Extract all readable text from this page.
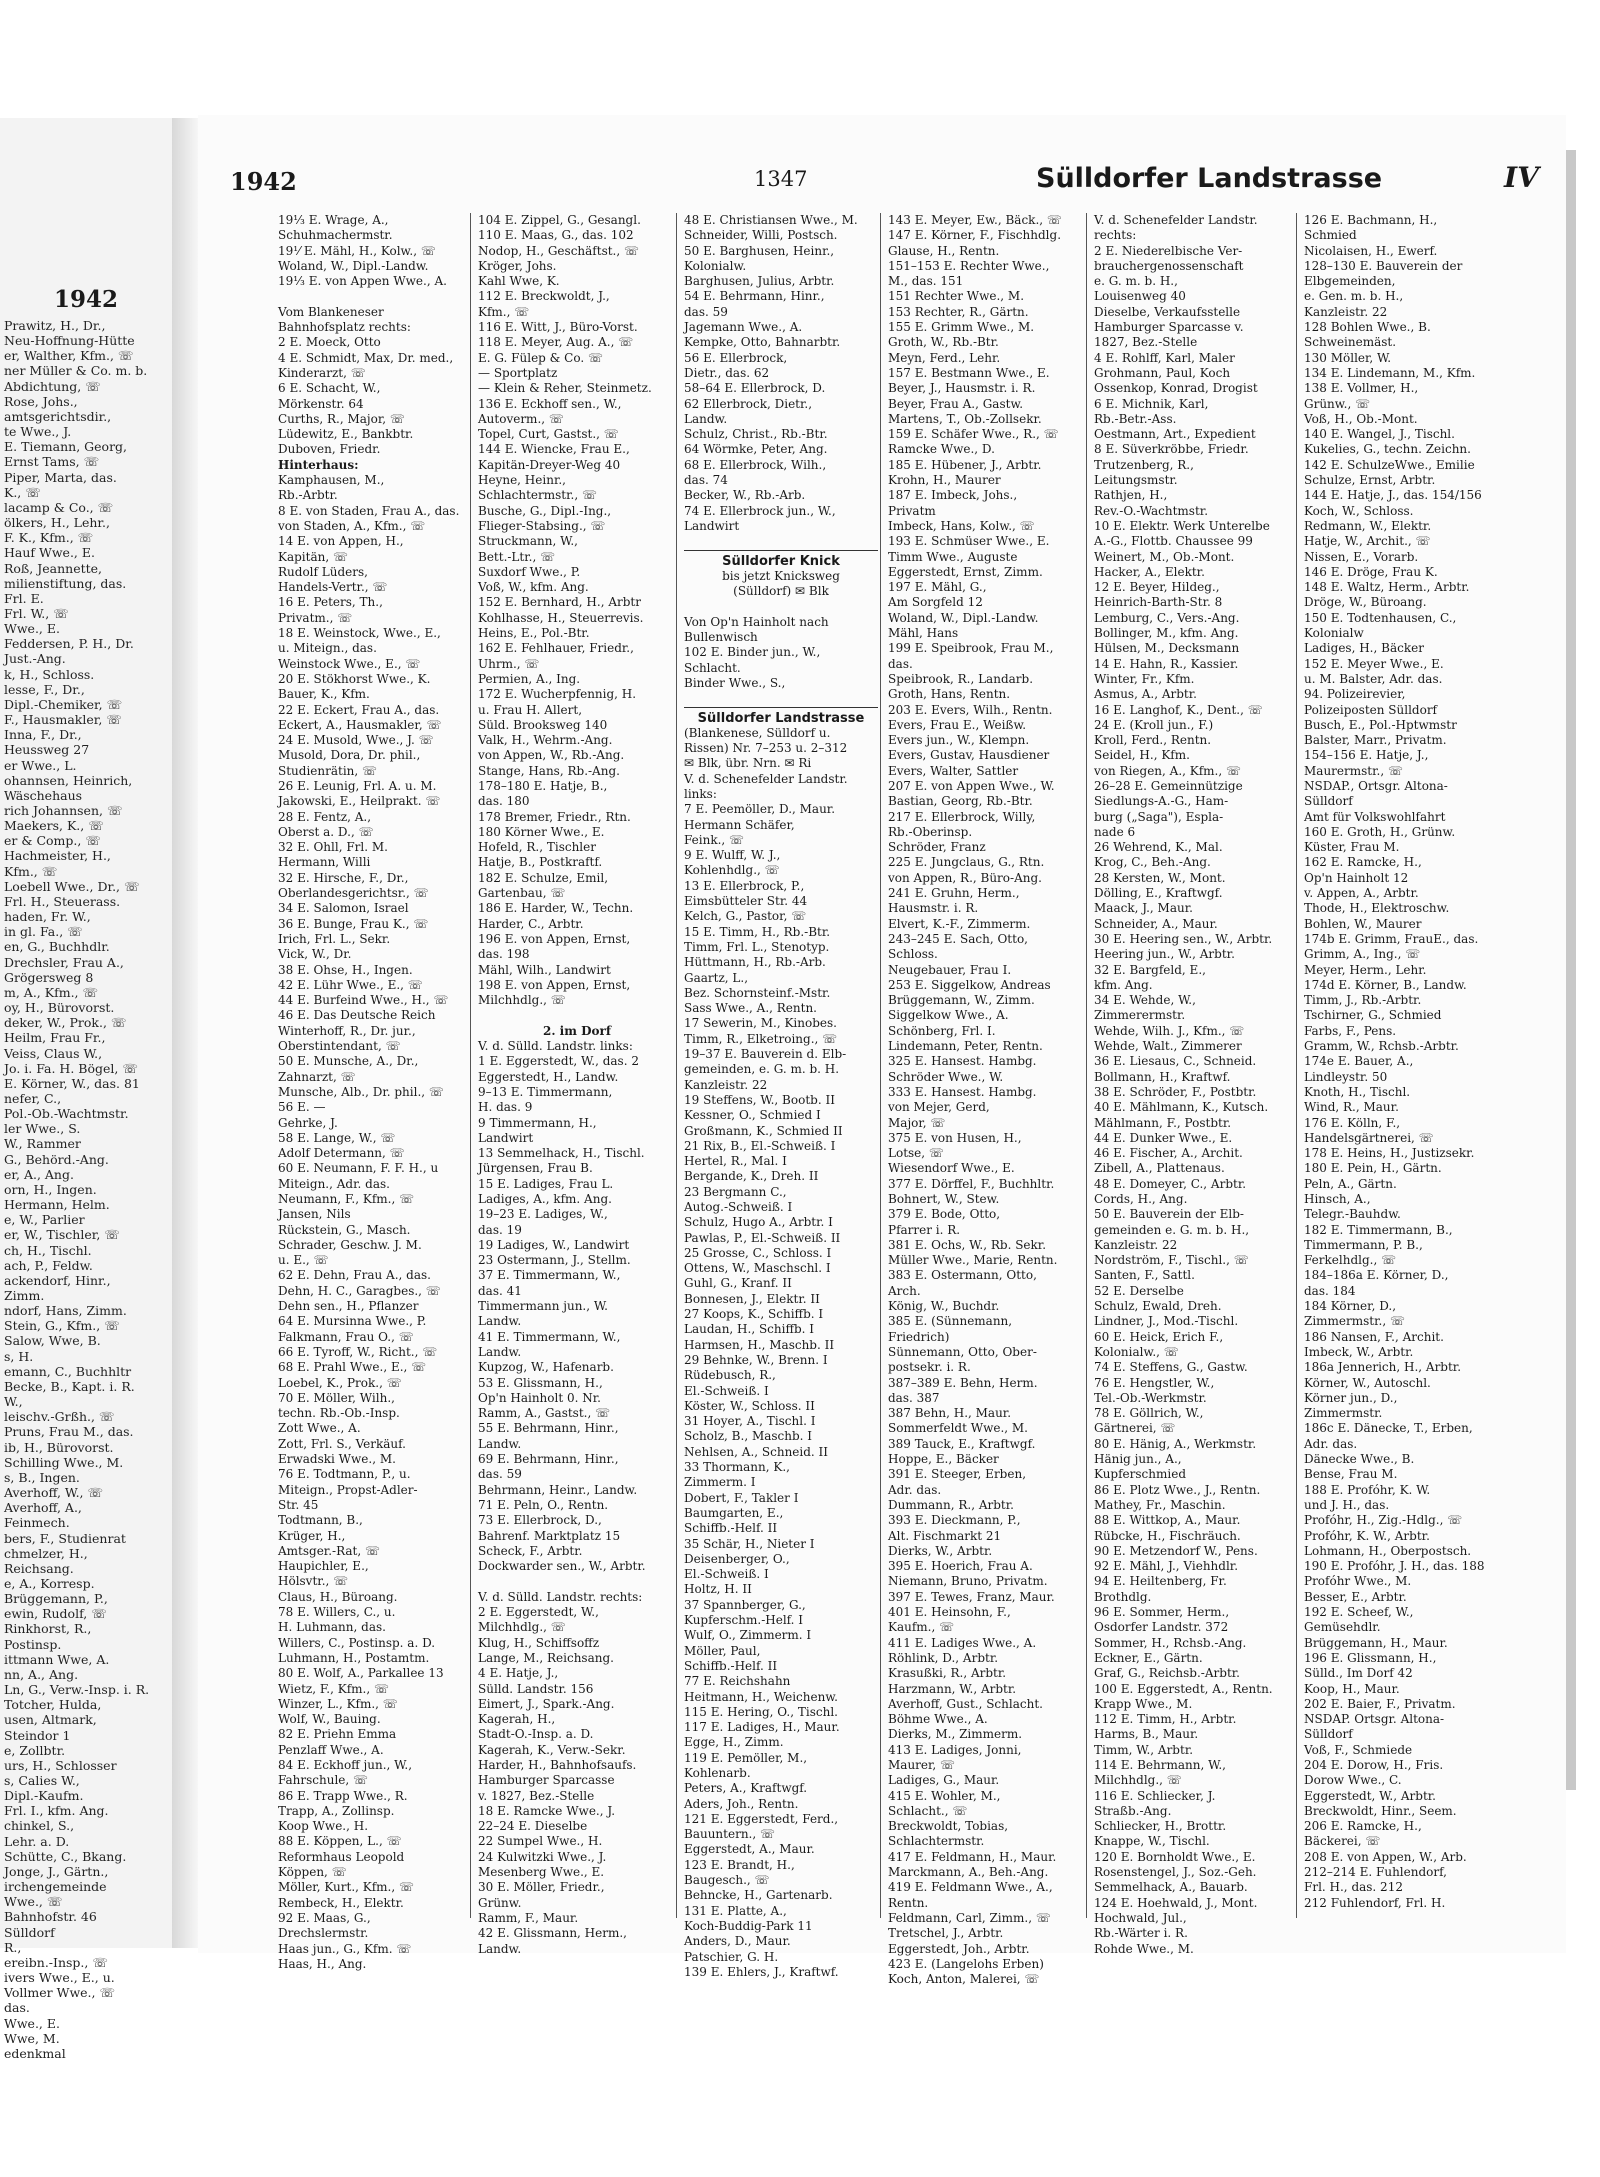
1942
Prawitz, H., Dr.,
Neu-Hoffnung-Hütte
er, Walther, Kfm., ☏
ner Müller & Co. m. b.
Abdichtung, ☏
Rose, Johs.,
amtsgerichtsdir.,
te Wwe., J.
E. Tiemann, Georg,
Ernst Tams, ☏
Piper, Marta, das.
K., ☏
lacamp & Co., ☏
ölkers, H., Lehr.,
F. K., Kfm., ☏
Hauf Wwe., E.
Roß, Jeannette,
milienstiftung, das.
Frl. E.
Frl. W., ☏
Wwe., E.
Feddersen, P. H., Dr.
Just.-Ang.
k, H., Schloss.
lesse, F., Dr.,
Dipl.-Chemiker, ☏
F., Hausmakler, ☏
Inna, F., Dr.,
Heussweg 27
er Wwe., L.
ohannsen, Heinrich,
Wäschehaus
rich Johannsen, ☏
Maekers, K., ☏
er & Comp., ☏
Hachmeister, H.,
Kfm., ☏
Loebell Wwe., Dr., ☏
Frl. H., Steuerass.
haden, Fr. W.,
in gl. Fa., ☏
en, G., Buchhdlr.
Drechsler, Frau A.,
Grögersweg 8
m, A., Kfm., ☏
oy, H., Bürovorst.
deker, W., Prok., ☏
Heilm, Frau Fr.,
Veiss, Claus W.,
Jo. i. Fa. H. Bögel, ☏
E. Körner, W., das. 81
nefer, C.,
Pol.-Ob.-Wachtmstr.
ler Wwe., S.
W., Rammer
G., Behörd.-Ang.
er, A., Ang.
orn, H., Ingen.
Hermann, Helm.
e, W., Parlier
er, W., Tischler, ☏
ch, H., Tischl.
ach, P., Feldw.
ackendorf, Hinr.,
Zimm.
ndorf, Hans, Zimm.
Stein, G., Kfm., ☏
Salow, Wwe, B.
s, H.
emann, C., Buchhltr
Becke, B., Kapt. i. R.
W.,
leischv.-Grßh., ☏
Pruns, Frau M., das.
ib, H., Bürovorst.
Schilling Wwe., M.
s, B., Ingen.
Averhoff, W., ☏
Averhoff, A.,
Feinmech.
bers, F., Studienrat
chmelzer, H.,
Reichsang.
e, A., Korresp.
Brüggemann, P.,
ewin, Rudolf, ☏
Rinkhorst, R.,
Postinsp.
ittmann Wwe, A.
nn, A., Ang.
Ln, G., Verw.-Insp. i. R.
Totcher, Hulda,
usen, Altmark,
Steindor 1
e, Zollbtr.
urs, H., Schlosser
s, Calies W.,
Dipl.-Kaufm.
Frl. I., kfm. Ang.
chinkel, S.,
Lehr. a. D.
Schütte, C., Bkang.
Jonge, J., Gärtn.,
irchengemeinde
Wwe., ☏
Bahnhofstr. 46
Sülldorf
R.,
ereibn.-Insp., ☏
ivers Wwe., E., u.
Vollmer Wwe., ☏
das.
Wwe., E.
Wwe, M.
edenkmal
1942	1347	Sülldorfer Landstrasse	IV
19⅓ E. Wrage, A.,
Schuhmachermstr.
19⅟ E. Mähl, H., Kolw., ☏
Woland, W., Dipl.-Landw.
19⅓ E. von Appen Wwe., A.

Vom Blankeneser
Bahnhofsplatz rechts:
2 E. Moeck, Otto
4 E. Schmidt, Max, Dr. med.,
Kinderarzt, ☏
6 E. Schacht, W.,
Mörkenstr. 64
Curths, R., Major, ☏
Lüdewitz, E., Bankbtr.
Duboven, Friedr.
Hinterhaus:
Kamphausen, M.,
Rb.-Arbtr.
8 E. von Staden, Frau A., das.
von Staden, A., Kfm., ☏
14 E. von Appen, H.,
Kapitän, ☏
Rudolf Lüders,
Handels-Vertr., ☏
16 E. Peters, Th.,
Privatm., ☏
18 E. Weinstock, Wwe., E.,
u. Miteign., das.
Weinstock Wwe., E., ☏
20 E. Stökhorst Wwe., K.
Bauer, K., Kfm.
22 E. Eckert, Frau A., das.
Eckert, A., Hausmakler, ☏
24 E. Musold, Wwe., J. ☏
Musold, Dora, Dr. phil.,
Studienrätin, ☏
26 E. Leunig, Frl. A. u. M.
Jakowski, E., Heilprakt. ☏
28 E. Fentz, A.,
Oberst a. D., ☏
32 E. Ohll, Frl. M.
Hermann, Willi
32 E. Hirsche, F., Dr.,
Oberlandesgerichtsr., ☏
34 E. Salomon, Israel
36 E. Bunge, Frau K., ☏
Irich, Frl. L., Sekr.
Vick, W., Dr.
38 E. Ohse, H., Ingen.
42 E. Lühr Wwe., E., ☏
44 E. Burfeind Wwe., H., ☏
46 E. Das Deutsche Reich
Winterhoff, R., Dr. jur.,
Oberstintendant, ☏
50 E. Munsche, A., Dr.,
Zahnarzt, ☏
Munsche, Alb., Dr. phil., ☏
56 E. —
Gehrke, J.
58 E. Lange, W., ☏
Adolf Determann, ☏
60 E. Neumann, F. F. H., u
Miteign., Adr. das.
Neumann, F., Kfm., ☏
Jansen, Nils
Rückstein, G., Masch.
Schrader, Geschw. J. M.
u. E., ☏
62 E. Dehn, Frau A., das.
Dehn, H. C., Garagbes., ☏
Dehn sen., H., Pflanzer
64 E. Mursinna Wwe., P.
Falkmann, Frau O., ☏
66 E. Tyroff, W., Richt., ☏
68 E. Prahl Wwe., E., ☏
Loebel, K., Prok., ☏
70 E. Möller, Wilh.,
techn. Rb.-Ob.-Insp.
Zott Wwe., A.
Zott, Frl. S., Verkäuf.
Erwadski Wwe., M.
76 E. Todtmann, P., u.
Miteign., Propst-Adler-
Str. 45
Todtmann, B.,
Krüger, H.,
Amtsger.-Rat, ☏
Haupichler, E.,
Hölsvtr., ☏
Claus, H., Büroang.
78 E. Willers, C., u.
H. Luhmann, das.
Willers, C., Postinsp. a. D.
Luhmann, H., Postamtm.
80 E. Wolf, A., Parkallee 13
Wietz, F., Kfm., ☏
Winzer, L., Kfm., ☏
Wolf, W., Bauing.
82 E. Priehn Emma
Penzlaff Wwe., A.
84 E. Eckhoff jun., W.,
Fahrschule, ☏
86 E. Trapp Wwe., R.
Trapp, A., Zollinsp.
Koop Wwe., H.
88 E. Köppen, L., ☏
Reformhaus Leopold
Köppen, ☏
Möller, Kurt., Kfm., ☏
Rembeck, H., Elektr.
92 E. Maas, G.,
Drechslermstr.
Haas jun., G., Kfm. ☏
Haas, H., Ang.
104 E. Zippel, G., Gesangl.
110 E. Maas, G., das. 102
Nodop, H., Geschäftst., ☏
Kröger, Johs.
Kahl Wwe, K.
112 E. Breckwoldt, J.,
Kfm., ☏
116 E. Witt, J., Büro-Vorst.
118 E. Meyer, Aug. A., ☏
E. G. Fülep & Co. ☏
— Sportplatz
— Klein & Reher, Steinmetz.
136 E. Eckhoff sen., W.,
Autoverm., ☏
Topel, Curt, Gastst., ☏
144 E. Wiencke, Frau E.,
Kapitän-Dreyer-Weg 40
Heyne, Heinr.,
Schlachtermstr., ☏
Busche, G., Dipl.-Ing.,
Flieger-Stabsing., ☏
Struckmann, W.,
Bett.-Ltr., ☏
Suxdorf Wwe., P.
Voß, W., kfm. Ang.
152 E. Bernhard, H., Arbtr
Kohlhasse, H., Steuerrevis.
Heins, E., Pol.-Btr.
162 E. Fehlhauer, Friedr.,
Uhrm., ☏
Permien, A., Ing.
172 E. Wucherpfennig, H.
u. Frau H. Allert,
Süld. Brooksweg 140
Valk, H., Wehrm.-Ang.
von Appen, W., Rb.-Ang.
Stange, Hans, Rb.-Ang.
178–180 E. Hatje, B.,
das. 180
178 Bremer, Friedr., Rtn.
180 Körner Wwe., E.
Hofeld, R., Tischler
Hatje, B., Postkraftf.
182 E. Schulze, Emil,
Gartenbau, ☏
186 E. Harder, W., Techn.
Harder, C., Arbtr.
196 E. von Appen, Ernst,
das. 198
Mähl, Wilh., Landwirt
198 E. von Appen, Ernst,
Milchhdlg., ☏

2. im Dorf
V. d. Sülld. Landstr. links:
1 E. Eggerstedt, W., das. 2
Eggerstedt, H., Landw.
9–13 E. Timmermann,
H. das. 9
9 Timmermann, H.,
Landwirt
13 Semmelhack, H., Tischl.
Jürgensen, Frau B.
15 E. Ladiges, Frau L.
Ladiges, A., kfm. Ang.
19–23 E. Ladiges, W.,
das. 19
19 Ladiges, W., Landwirt
23 Ostermann, J., Stellm.
37 E. Timmermann, W.,
das. 41
Timmermann jun., W.
Landw.
41 E. Timmermann, W.,
Landw.
Kupzog, W., Hafenarb.
53 E. Glissmann, H.,
Op'n Hainholt 0. Nr.
Ramm, A., Gastst., ☏
55 E. Behrmann, Hinr.,
Landw.
69 E. Behrmann, Hinr.,
das. 59
Behrmann, Heinr., Landw.
71 E. Peln, O., Rentn.
73 E. Ellerbrock, D.,
Bahrenf. Marktplatz 15
Scheck, F., Arbtr.
Dockwarder sen., W., Arbtr.

V. d. Sülld. Landstr. rechts:
2 E. Eggerstedt, W.,
Milchhdlg., ☏
Klug, H., Schiffsoffz
Lange, M., Reichsang.
4 E. Hatje, J.,
Sülld. Landstr. 156
Eimert, J., Spark.-Ang.
Kagerah, H.,
Stadt-O.-Insp. a. D.
Kagerah, K., Verw.-Sekr.
Harder, H., Bahnhofsaufs.
Hamburger Sparcasse
v. 1827, Bez.-Stelle
18 E. Ramcke Wwe., J.
22–24 E. Dieselbe
22 Sumpel Wwe., H.
24 Kulwitzki Wwe., J.
Mesenberg Wwe., E.
30 E. Möller, Friedr.,
Grünw.
Ramm, F., Maur.
42 E. Glissmann, Herm.,
Landw.
48 E. Christiansen Wwe., M.
Schneider, Willi, Postsch.
50 E. Barghusen, Heinr.,
Kolonialw.
Barghusen, Julius, Arbtr.
54 E. Behrmann, Hinr.,
das. 59
Jagemann Wwe., A.
Kempke, Otto, Bahnarbtr.
56 E. Ellerbrock,
Dietr., das. 62
58–64 E. Ellerbrock, D.
62 Ellerbrock, Dietr.,
Landw.
Schulz, Christ., Rb.-Btr.
64 Wörmke, Peter, Ang.
68 E. Ellerbrock, Wilh.,
das. 74
Becker, W., Rb.-Arb.
74 E. Ellerbrock jun., W.,
Landwirt

Sülldorfer Knick
bis jetzt Knicksweg
(Sülldorf) ✉ Blk

Von Op'n Hainholt nach
Bullenwisch
102 E. Binder jun., W.,
Schlacht.
Binder Wwe., S.,

Sülldorfer Landstrasse
(Blankenese, Sülldorf u.
Rissen) Nr. 7–253 u. 2–312
✉ Blk, übr. Nrn. ✉ Ri
V. d. Schenefelder Landstr.
links:
7 E. Peemöller, D., Maur.
Hermann Schäfer,
Feink., ☏
9 E. Wulff, W. J.,
Kohlenhdlg., ☏
13 E. Ellerbrock, P.,
Eimsbütteler Str. 44
Kelch, G., Pastor, ☏
15 E. Timm, H., Rb.-Btr.
Timm, Frl. L., Stenotyp.
Hüttmann, H., Rb.-Arb.
Gaartz, L.,
Bez. Schornsteinf.-Mstr.
Sass Wwe., A., Rentn.
17 Sewerin, M., Kinobes.
Timm, R., Elketroing., ☏
19–37 E. Bauverein d. Elb-
gemeinden, e. G. m. b. H.
Kanzleistr. 22
19 Steffens, W., Bootb. II
Kessner, O., Schmied I
Großmann, K., Schmied II
21 Rix, B., El.-Schweiß. I
Hertel, R., Mal. I
Bergande, K., Dreh. II
23 Bergmann C.,
Autog.-Schweiß. I
Schulz, Hugo A., Arbtr. I
Pawlas, P., El.-Schweiß. II
25 Grosse, C., Schloss. I
Ottens, W., Maschschl. I
Guhl, G., Kranf. II
Bonnesen, J., Elektr. II
27 Koops, K., Schiffb. I
Laudan, H., Schiffb. I
Harmsen, H., Maschb. II
29 Behnke, W., Brenn. I
Rüdebusch, R.,
El.-Schweiß. I
Köster, W., Schloss. II
31 Hoyer, A., Tischl. I
Scholz, B., Maschb. I
Nehlsen, A., Schneid. II
33 Thormann, K.,
Zimmerm. I
Dobert, F., Takler I
Baumgarten, E.,
Schiffb.-Helf. II
35 Schär, H., Nieter I
Deisenberger, O.,
El.-Schweiß. I
Holtz, H. II
37 Spannberger, G.,
Kupferschm.-Helf. I
Wulf, O., Zimmerm. I
Möller, Paul,
Schiffb.-Helf. II
77 E. Reichshahn
Heitmann, H., Weichenw.
115 E. Hering, O., Tischl.
117 E. Ladiges, H., Maur.
Egge, H., Zimm.
119 E. Pemöller, M.,
Kohlenarb.
Peters, A., Kraftwgf.
Aders, Joh., Rentn.
121 E. Eggerstedt, Ferd.,
Bauuntern., ☏
Eggerstedt, A., Maur.
123 E. Brandt, H.,
Baugesch., ☏
Behncke, H., Gartenarb.
131 E. Platte, A.,
Koch-Buddig-Park 11
Anders, D., Maur.
Patschier, G. H.
139 E. Ehlers, J., Kraftwf.
143 E. Meyer, Ew., Bäck., ☏
147 E. Körner, F., Fischhdlg.
Glause, H., Rentn.
151–153 E. Rechter Wwe.,
M., das. 151
151 Rechter Wwe., M.
153 Rechter, R., Gärtn.
155 E. Grimm Wwe., M.
Groth, W., Rb.-Btr.
Meyn, Ferd., Lehr.
157 E. Bestmann Wwe., E.
Beyer, J., Hausmstr. i. R.
Beyer, Frau A., Gastw.
Martens, T., Ob.-Zollsekr.
159 E. Schäfer Wwe., R., ☏
Ramcke Wwe., D.
185 E. Hübener, J., Arbtr.
Krohn, H., Maurer
187 E. Imbeck, Johs.,
Privatm
Imbeck, Hans, Kolw., ☏
193 E. Schmüser Wwe., E.
Timm Wwe., Auguste
Eggerstedt, Ernst, Zimm.
197 E. Mähl, G.,
Am Sorgfeld 12
Woland, W., Dipl.-Landw.
Mähl, Hans
199 E. Speibrook, Frau M.,
das.
Speibrook, R., Landarb.
Groth, Hans, Rentn.
203 E. Evers, Wilh., Rentn.
Evers, Frau E., Weißw.
Evers jun., W., Klempn.
Evers, Gustav, Hausdiener
Evers, Walter, Sattler
207 E. von Appen Wwe., W.
Bastian, Georg, Rb.-Btr.
217 E. Ellerbrock, Willy,
Rb.-Oberinsp.
Schröder, Franz
225 E. Jungclaus, G., Rtn.
von Appen, R., Büro-Ang.
241 E. Gruhn, Herm.,
Hausmstr. i. R.
Elvert, K.-F., Zimmerm.
243–245 E. Sach, Otto,
Schloss.
Neugebauer, Frau I.
253 E. Siggelkow, Andreas
Brüggemann, W., Zimm.
Siggelkow Wwe., A.
Schönberg, Frl. I.
Lindemann, Peter, Rentn.
325 E. Hansest. Hambg.
Schröder Wwe., W.
333 E. Hansest. Hambg.
von Mejer, Gerd,
Major, ☏
375 E. von Husen, H.,
Lotse, ☏
Wiesendorf Wwe., E.
377 E. Dörffel, F., Buchhltr.
Bohnert, W., Stew.
379 E. Bode, Otto,
Pfarrer i. R.
381 E. Ochs, W., Rb. Sekr.
Müller Wwe., Marie, Rentn.
383 E. Ostermann, Otto,
Arch.
König, W., Buchdr.
385 E. (Sünnemann,
Friedrich)
Sünnemann, Otto, Ober-
postsekr. i. R.
387–389 E. Behn, Herm.
das. 387
387 Behn, H., Maur.
Sommerfeldt Wwe., M.
389 Tauck, E., Kraftwgf.
Hoppe, E., Bäcker
391 E. Steeger, Erben,
Adr. das.
Dummann, R., Arbtr.
393 E. Dieckmann, P.,
Alt. Fischmarkt 21
Dierks, W., Arbtr.
395 E. Hoerich, Frau A.
Niemann, Bruno, Privatm.
397 E. Tewes, Franz, Maur.
401 E. Heinsohn, F.,
Kaufm., ☏
411 E. Ladiges Wwe., A.
Röhlink, D., Arbtr.
Krasußki, R., Arbtr.
Harzmann, W., Arbtr.
Averhoff, Gust., Schlacht.
Böhme Wwe., A.
Dierks, M., Zimmerm.
413 E. Ladiges, Jonni,
Maurer, ☏
Ladiges, G., Maur.
415 E. Wohler, M.,
Schlacht., ☏
Breckwoldt, Tobias,
Schlachtermstr.
417 E. Feldmann, H., Maur.
Marckmann, A., Beh.-Ang.
419 E. Feldmann Wwe., A.,
Rentn.
Feldmann, Carl, Zimm., ☏
Tretschel, J., Arbtr.
Eggerstedt, Joh., Arbtr.
423 E. (Langelohs Erben)
Koch, Anton, Malerei, ☏
V. d. Schenefelder Landstr.
rechts:
2 E. Niederelbische Ver-
brauchergenossenschaft
e. G. m. b. H.,
Louisenweg 40
Dieselbe, Verkaufsstelle
Hamburger Sparcasse v.
1827, Bez.-Stelle
4 E. Rohlff, Karl, Maler
Grohmann, Paul, Koch
Ossenkop, Konrad, Drogist
6 E. Michnik, Karl,
Rb.-Betr.-Ass.
Oestmann, Art., Expedient
8 E. Süverkröbbe, Friedr.
Trutzenberg, R.,
Leitungsmstr.
Rathjen, H.,
Rev.-O.-Wachtmstr.
10 E. Elektr. Werk Unterelbe
A.-G., Flottb. Chaussee 99
Weinert, M., Ob.-Mont.
Hacker, A., Elektr.
12 E. Beyer, Hildeg.,
Heinrich-Barth-Str. 8
Lemburg, C., Vers.-Ang.
Bollinger, M., kfm. Ang.
Hülsen, M., Decksmann
14 E. Hahn, R., Kassier.
Winter, Fr., Kfm.
Asmus, A., Arbtr.
16 E. Langhof, K., Dent., ☏
24 E. (Kroll jun., F.)
Kroll, Ferd., Rentn.
Seidel, H., Kfm.
von Riegen, A., Kfm., ☏
26–28 E. Gemeinnützige
Siedlungs-A.-G., Ham-
burg („Saga"), Espla-
nade 6
26 Wehrend, K., Mal.
Krog, C., Beh.-Ang.
28 Kersten, W., Mont.
Dölling, E., Kraftwgf.
Maack, J., Maur.
Schneider, A., Maur.
30 E. Heering sen., W., Arbtr.
Heering jun., W., Arbtr.
32 E. Bargfeld, E.,
kfm. Ang.
34 E. Wehde, W.,
Zimmerermstr.
Wehde, Wilh. J., Kfm., ☏
Wehde, Walt., Zimmerer
36 E. Liesaus, C., Schneid.
Bollmann, H., Kraftwf.
38 E. Schröder, F., Postbtr.
40 E. Mählmann, K., Kutsch.
Mählmann, F., Postbtr.
44 E. Dunker Wwe., E.
46 E. Fischer, A., Archit.
Zibell, A., Plattenaus.
48 E. Domeyer, C., Arbtr.
Cords, H., Ang.
50 E. Bauverein der Elb-
gemeinden e. G. m. b. H.,
Kanzleistr. 22
Nordström, F., Tischl., ☏
Santen, F., Sattl.
52 E. Derselbe
Schulz, Ewald, Dreh.
Lindner, J., Mod.-Tischl.
60 E. Heick, Erich F.,
Kolonialw., ☏
74 E. Steffens, G., Gastw.
76 E. Hengstler, W.,
Tel.-Ob.-Werkmstr.
78 E. Göllrich, W.,
Gärtnerei, ☏
80 E. Hänig, A., Werkmstr.
Hänig jun., A.,
Kupferschmied
86 E. Plotz Wwe., J., Rentn.
Mathey, Fr., Maschin.
88 E. Wittkop, A., Maur.
Rübcke, H., Fischräuch.
90 E. Metzendorf W., Pens.
92 E. Mähl, J., Viehhdlr.
94 E. Heiltenberg, Fr.
Brothdlg.
96 E. Sommer, Herm.,
Osdorfer Landstr. 372
Sommer, H., Rchsb.-Ang.
Eckner, E., Gärtn.
Graf, G., Reichsb.-Arbtr.
100 E. Eggerstedt, A., Rentn.
Krapp Wwe., M.
112 E. Timm, H., Arbtr.
Harms, B., Maur.
Timm, W., Arbtr.
114 E. Behrmann, W.,
Milchhdlg., ☏
116 E. Schliecker, J.
Straßb.-Ang.
Schliecker, H., Brottr.
Knappe, W., Tischl.
120 E. Bornholdt Wwe., E.
Rosenstengel, J., Soz.-Geh.
Semmelhack, A., Bauarb.
124 E. Hoehwald, J., Mont.
Hochwald, Jul.,
Rb.-Wärter i. R.
Rohde Wwe., M.
126 E. Bachmann, H.,
Schmied
Nicolaisen, H., Ewerf.
128–130 E. Bauverein der
Elbgemeinden,
e. Gen. m. b. H.,
Kanzleistr. 22
128 Bohlen Wwe., B.
Schweinemäst.
130 Möller, W.
134 E. Lindemann, M., Kfm.
138 E. Vollmer, H.,
Grünw., ☏
Voß, H., Ob.-Mont.
140 E. Wangel, J., Tischl.
Kukelies, G., techn. Zeichn.
142 E. SchulzeWwe., Emilie
Schulze, Ernst, Arbtr.
144 E. Hatje, J., das. 154/156
Koch, W., Schloss.
Redmann, W., Elektr.
Hatje, W., Archit., ☏
Nissen, E., Vorarb.
146 E. Dröge, Frau K.
148 E. Waltz, Herm., Arbtr.
Dröge, W., Büroang.
150 E. Todtenhausen, C.,
Kolonialw
Ladiges, H., Bäcker
152 E. Meyer Wwe., E.
u. M. Balster, Adr. das.
94. Polizeirevier,
Polizeiposten Sülldorf
Busch, E., Pol.-Hptwmstr
Balster, Marr., Privatm.
154–156 E. Hatje, J.,
Maurermstr., ☏
NSDAP., Ortsgr. Altona-
Sülldorf
Amt für Volkswohlfahrt
160 E. Groth, H., Grünw.
Küster, Frau M.
162 E. Ramcke, H.,
Op'n Hainholt 12
v. Appen, A., Arbtr.
Thode, H., Elektroschw.
Bohlen, W., Maurer
174b E. Grimm, FrauE., das.
Grimm, A., Ing., ☏
Meyer, Herm., Lehr.
174d E. Körner, B., Landw.
Timm, J., Rb.-Arbtr.
Tschirner, G., Schmied
Farbs, F., Pens.
Gramm, W., Rchsb.-Arbtr.
174e E. Bauer, A.,
Lindleystr. 50
Knoth, H., Tischl.
Wind, R., Maur.
176 E. Kölln, F.,
Handelsgärtnerei, ☏
178 E. Heins, H., Justizsekr.
180 E. Pein, H., Gärtn.
Peln, A., Gärtn.
Hinsch, A.,
Telegr.-Bauhdw.
182 E. Timmermann, B.,
Timmermann, P. B.,
Ferkelhdlg., ☏
184–186a E. Körner, D.,
das. 184
184 Körner, D.,
Zimmermstr., ☏
186 Nansen, F., Archit.
Imbeck, W., Arbtr.
186a Jennerich, H., Arbtr.
Körner, W., Autoschl.
Körner jun., D.,
Zimmermstr.
186c E. Dänecke, T., Erben,
Adr. das.
Dänecke Wwe., B.
Bense, Frau M.
188 E. Profóhr, K. W.
und J. H., das.
Profóhr, H., Zig.-Hdlg., ☏
Profóhr, K. W., Arbtr.
Lohmann, H., Oberpostsch.
190 E. Profóhr, J. H., das. 188
Profóhr Wwe., M.
Besser, E., Arbtr.
192 E. Scheef, W.,
Gemüsehdlr.
Brüggemann, H., Maur.
196 E. Glissmann, H.,
Sülld., Im Dorf 42
Koop, H., Maur.
202 E. Baier, F., Privatm.
NSDAP. Ortsgr. Altona-
Sülldorf
Voß, F., Schmiede
204 E. Dorow, H., Fris.
Dorow Wwe., C.
Eggerstedt, W., Arbtr.
Breckwoldt, Hinr., Seem.
206 E. Ramcke, H.,
Bäckerei, ☏
208 E. von Appen, W., Arb.
212–214 E. Fuhlendorf,
Frl. H., das. 212
212 Fuhlendorf, Frl. H.
